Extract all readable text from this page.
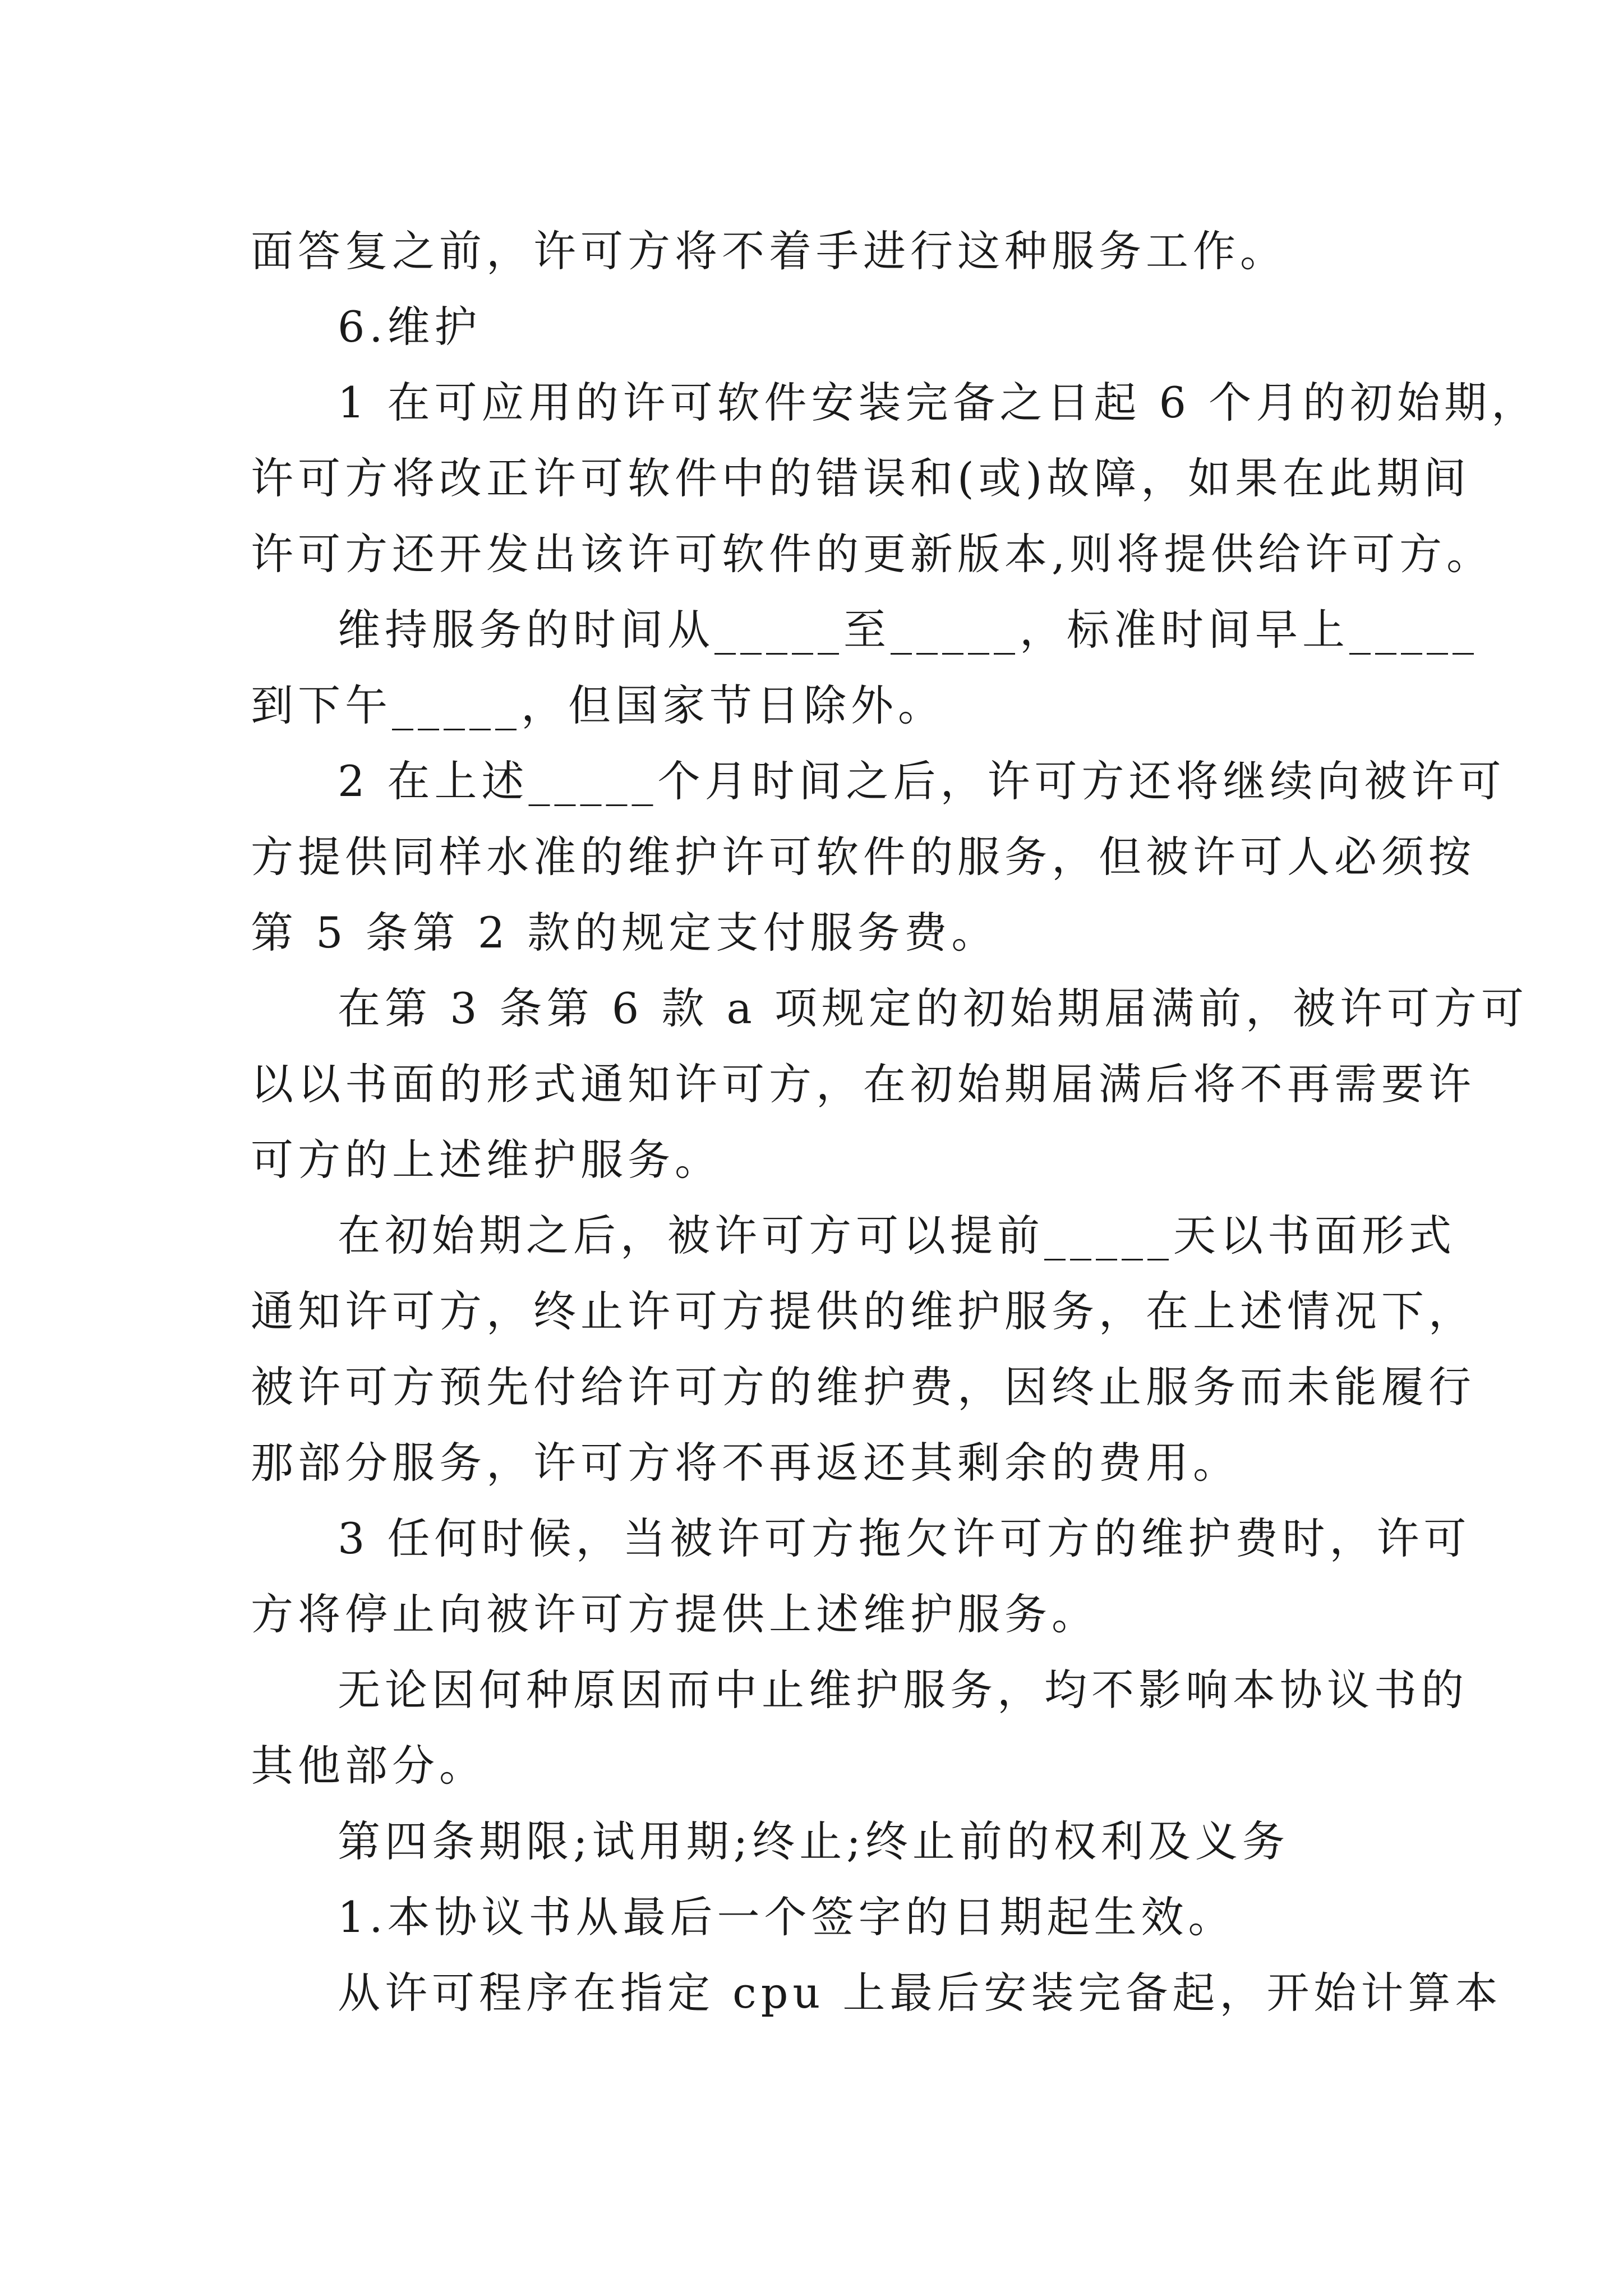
面答复之前，许可方将不着手进行这种服务工作。
6.维护
1 在可应用的许可软件安装完备之日起 6 个月的初始期，
许可方将改正许可软件中的错误和(或)故障，如果在此期间
许可方还开发出该许可软件的更新版本,则将提供给许可方。
维持服务的时间从_____至_____，标准时间早上_____
到下午_____，但国家节日除外。
2 在上述_____个月时间之后，许可方还将继续向被许可
方提供同样水准的维护许可软件的服务，但被许可人必须按
第 5 条第 2 款的规定支付服务费。
在第 3 条第 6 款 a 项规定的初始期届满前，被许可方可
以以书面的形式通知许可方，在初始期届满后将不再需要许
可方的上述维护服务。
在初始期之后，被许可方可以提前_____天以书面形式
通知许可方，终止许可方提供的维护服务，在上述情况下，
被许可方预先付给许可方的维护费，因终止服务而未能履行
那部分服务，许可方将不再返还其剩余的费用。
3 任何时候，当被许可方拖欠许可方的维护费时，许可
方将停止向被许可方提供上述维护服务。
无论因何种原因而中止维护服务，均不影响本协议书的
其他部分。
第四条期限;试用期;终止;终止前的权利及义务
1.本协议书从最后一个签字的日期起生效。
从许可程序在指定 cpu 上最后安装完备起，开始计算本
